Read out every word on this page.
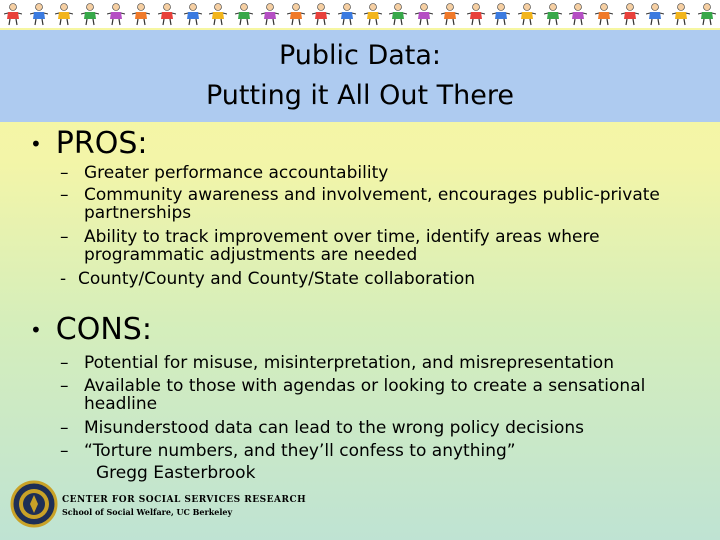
Public Data:
Putting it All Out There
• PROS:
– Greater performance accountability
– Community awareness and involvement, encourages public-private
partnerships
– Ability to track improvement over time, identify areas where
programmatic adjustments are needed
- County/County and County/State collaboration
• CONS:
– Potential for misuse, misinterpretation, and misrepresentation
– Available to those with agendas or looking to create a sensational
headline
– Misunderstood data can lead to the wrong policy decisions
– “Torture numbers, and they’ll confess to anything”
Gregg Easterbrook
CENTER FOR SOCIAL SERVICES RESEARCH
School of Social Welfare, UC Berkeley
